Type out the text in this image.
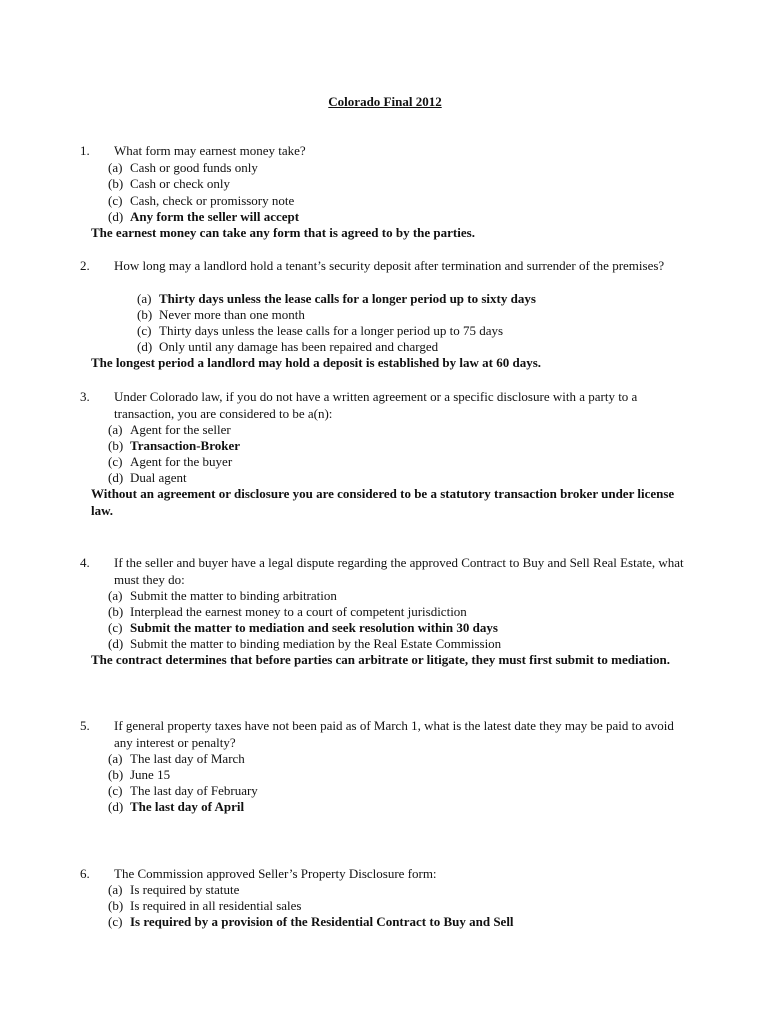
Colorado Final 2012
1. What form may earnest money take?
(a) Cash or good funds only
(b) Cash or check only
(c) Cash, check or promissory note
(d) Any form the seller will accept
The earnest money can take any form that is agreed to by the parties.
2. How long may a landlord hold a tenant’s security deposit after termination and surrender of the premises?
(a) Thirty days unless the lease calls for a longer period up to sixty days
(b) Never more than one month
(c) Thirty days unless the lease calls for a longer period up to 75 days
(d) Only until any damage has been repaired and charged
The longest period a landlord may hold a deposit is established by law at 60 days.
3. Under Colorado law, if you do not have a written agreement or a specific disclosure with a party to a transaction, you are considered to be a(n):
(a) Agent for the seller
(b) Transaction-Broker
(c) Agent for the buyer
(d) Dual agent
Without an agreement or disclosure you are considered to be a statutory transaction broker under license law.
4. If the seller and buyer have a legal dispute regarding the approved Contract to Buy and Sell Real Estate, what must they do:
(a) Submit the matter to binding arbitration
(b) Interplead the earnest money to a court of competent jurisdiction
(c) Submit the matter to mediation and seek resolution within 30 days
(d) Submit the matter to binding mediation by the Real Estate Commission
The contract determines that before parties can arbitrate or litigate, they must first submit to mediation.
5. If general property taxes have not been paid as of March 1, what is the latest date they may be paid to avoid any interest or penalty?
(a) The last day of March
(b) June 15
(c) The last day of February
(d) The last day of April
6. The Commission approved Seller’s Property Disclosure form:
(a) Is required by statute
(b) Is required in all residential sales
(c) Is required by a provision of the Residential Contract to Buy and Sell
